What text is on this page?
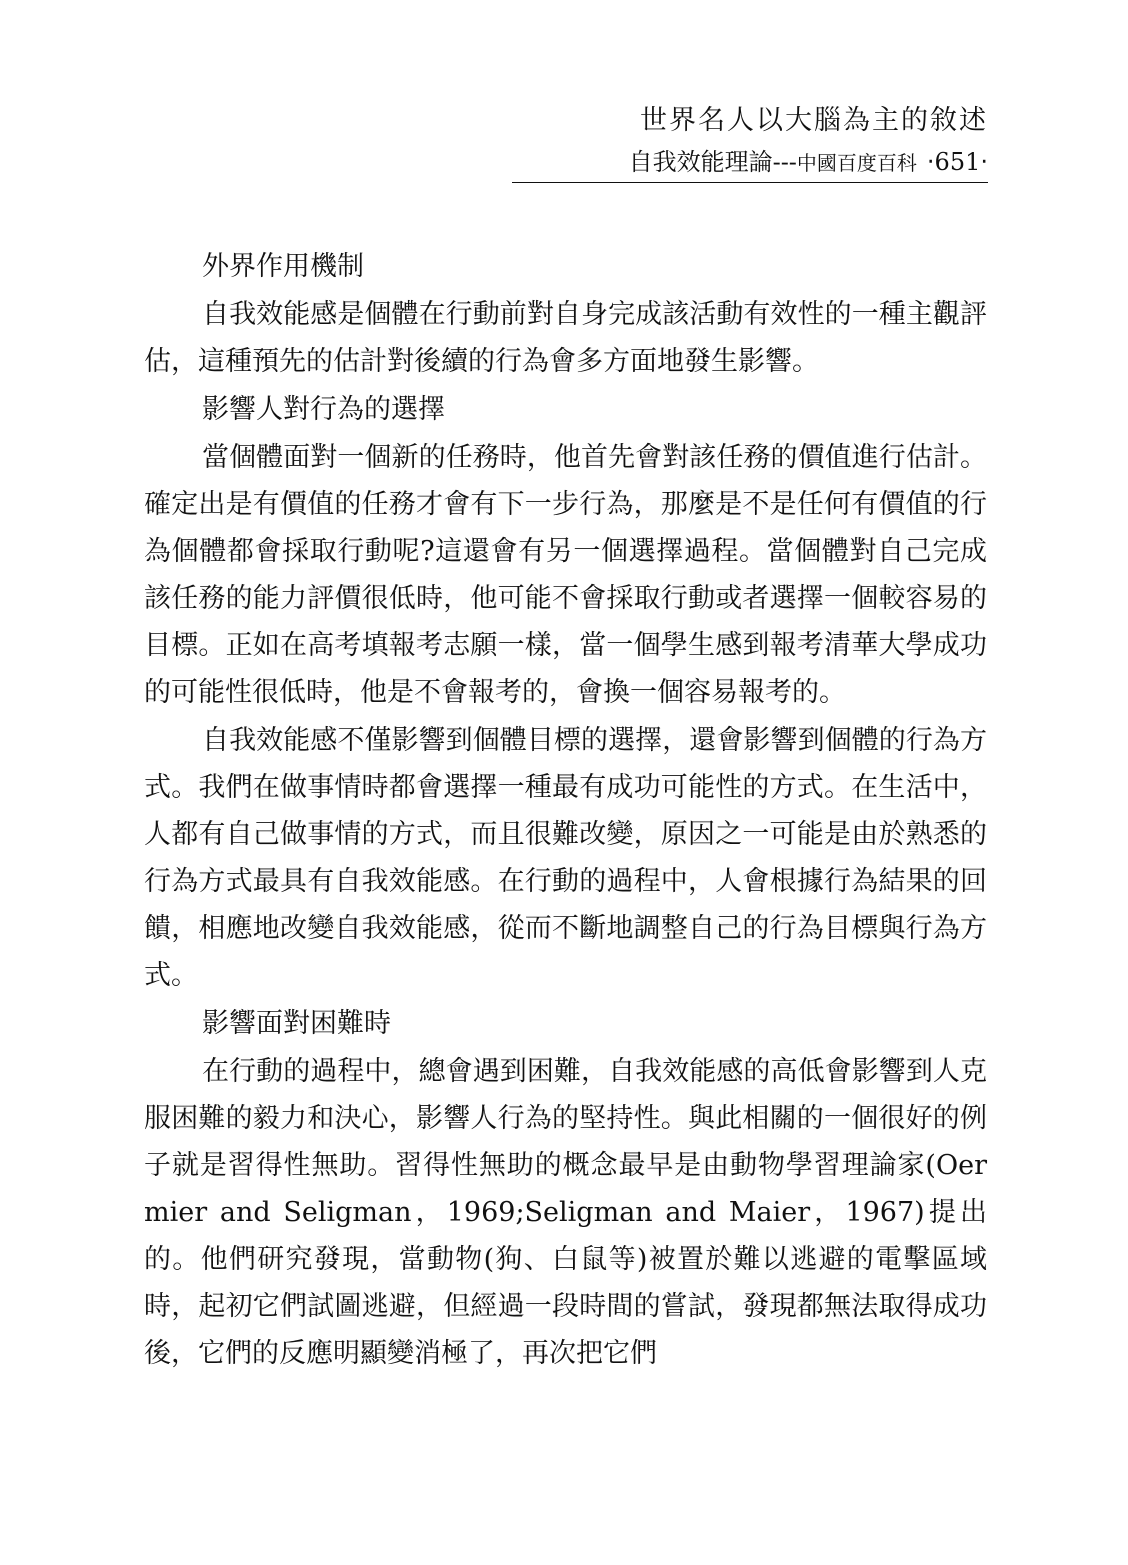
世界名人以大腦為主的敘述
自我效能理論---中國百度百科 ‧651‧
外界作用機制
自我效能感是個體在行動前對自身完成該活動有效性的一種主觀評估，這種預先的估計對後續的行為會多方面地發生影響。
影響人對行為的選擇
當個體面對一個新的任務時，他首先會對該任務的價值進行估計。確定出是有價值的任務才會有下一步行為，那麼是不是任何有價值的行為個體都會採取行動呢?這還會有另一個選擇過程。當個體對自己完成該任務的能力評價很低時，他可能不會採取行動或者選擇一個較容易的目標。正如在高考填報考志願一樣，當一個學生感到報考清華大學成功的可能性很低時，他是不會報考的，會換一個容易報考的。
自我效能感不僅影響到個體目標的選擇，還會影響到個體的行為方式。我們在做事情時都會選擇一種最有成功可能性的方式。在生活中，人都有自己做事情的方式，而且很難改變，原因之一可能是由於熟悉的行為方式最具有自我效能感。在行動的過程中，人會根據行為結果的回饋，相應地改變自我效能感，從而不斷地調整自己的行為目標與行為方式。
影響面對困難時
在行動的過程中，總會遇到困難，自我效能感的高低會影響到人克服困難的毅力和決心，影響人行為的堅持性。與此相關的一個很好的例子就是習得性無助。習得性無助的概念最早是由動物學習理論家(Oermier and Seligman，1969;Seligman and Maier，1967)提出的。他們研究發現，當動物(狗、白鼠等)被置於難以逃避的電擊區域時，起初它們試圖逃避，但經過一段時間的嘗試，發現都無法取得成功後，它們的反應明顯變消極了，再次把它們
